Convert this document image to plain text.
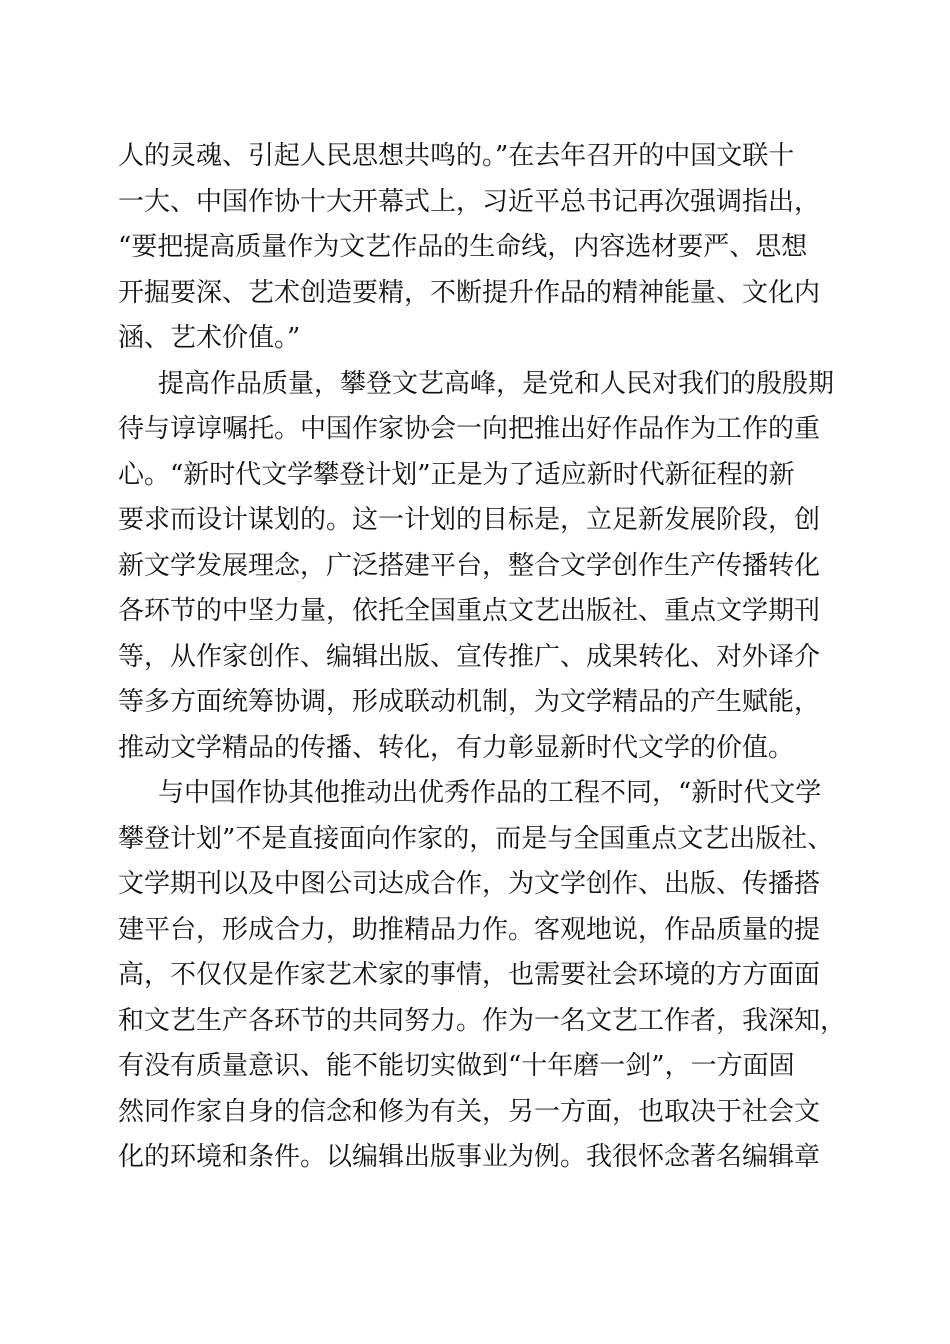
人的灵魂、引起人民思想共鸣的。”在去年召开的中国文联十
一大、中国作协十大开幕式上，习近平总书记再次强调指出，
“要把提高质量作为文艺作品的生命线，内容选材要严、思想
开掘要深、艺术创造要精，不断提升作品的精神能量、文化内
涵、艺术价值。”
提高作品质量，攀登文艺高峰，是党和人民对我们的殷殷期
待与谆谆嘱托。中国作家协会一向把推出好作品作为工作的重
心。“新时代文学攀登计划”正是为了适应新时代新征程的新
要求而设计谋划的。这一计划的目标是，立足新发展阶段，创
新文学发展理念，广泛搭建平台，整合文学创作生产传播转化
各环节的中坚力量，依托全国重点文艺出版社、重点文学期刊
等，从作家创作、编辑出版、宣传推广、成果转化、对外译介
等多方面统筹协调，形成联动机制，为文学精品的产生赋能，
推动文学精品的传播、转化，有力彰显新时代文学的价值。
与中国作协其他推动出优秀作品的工程不同，“新时代文学
攀登计划”不是直接面向作家的，而是与全国重点文艺出版社、
文学期刊以及中图公司达成合作，为文学创作、出版、传播搭
建平台，形成合力，助推精品力作。客观地说，作品质量的提
高，不仅仅是作家艺术家的事情，也需要社会环境的方方面面
和文艺生产各环节的共同努力。作为一名文艺工作者，我深知，
有没有质量意识、能不能切实做到“十年磨一剑”，一方面固
然同作家自身的信念和修为有关，另一方面，也取决于社会文
化的环境和条件。以编辑出版事业为例。我很怀念著名编辑章
